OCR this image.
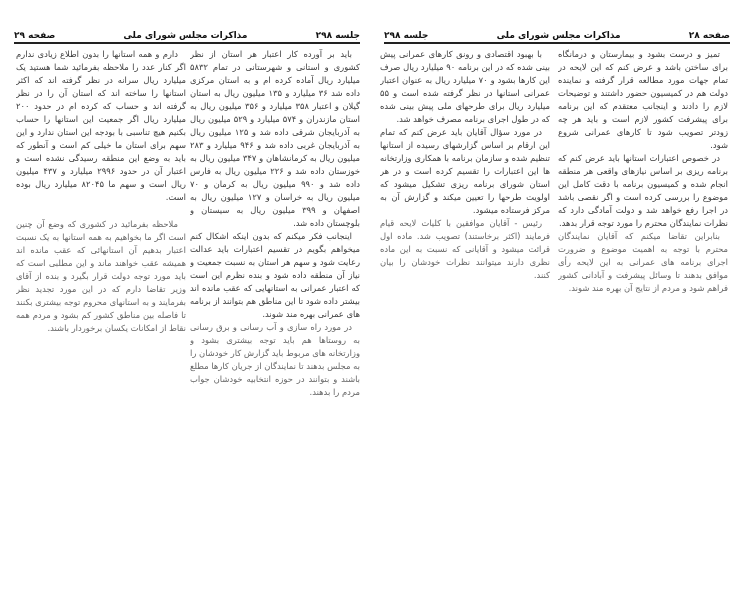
جلسه ۲۹۸
مذاکرات مجلس شورای ملی
صفحه ۲۹

باید بر آورده کار اعتبار هر استان از نظر کشوری و استانی و شهرستانی در تمام ۵۸۳۲ میلیارد ریال آماده کرده ام و به استان مرکزی داده شد ۳۶ میلیارد و ۱۳۵ میلیون ریال به استان گیلان و اعتبار ۳۵۸ میلیارد و ۳۵۶ میلیون ریال به استان مازندران و ۵۷۴ میلیارد و ۵۲۹ میلیون ریال به آذربایجان شرقی داده شد و ۱۲۵ میلیون ریال به آذربایجان غربی داده شد و ۹۴۶ میلیارد و ۲۸۳ میلیون ریال به کرمانشاهان و ۳۴۷ میلیون ریال به خوزستان داده شد و ۲۲۶ میلیون ریال به فارس داده شد و ۹۹۰ میلیون ریال به کرمان و ۷۰ میلیون ریال به خراسان و ۱۲۷ میلیون ریال به اصفهان و ۳۹۹ میلیون ریال به سیستان و بلوچستان داده شد.

اینجانب فکر میکنم که بدون اینکه اشکال کنم میخواهم بگویم در تقسیم اعتبارات باید عدالت رعایت شود و سهم هر استان به نسبت جمعیت و نیاز آن منطقه داده شود و بنده نظرم این است که اعتبار عمرانی به استانهایی که عقب مانده اند بیشتر داده شود تا این مناطق هم بتوانند از برنامه های عمرانی بهره مند شوند.

در مورد راه سازی و آب رسانی و برق رسانی به روستاها هم باید توجه بیشتری بشود و وزارتخانه های مربوط باید گزارش کار خودشان را به مجلس بدهند تا نمایندگان از جریان کارها مطلع باشند و بتوانند در حوزه انتخابیه خودشان جواب مردم را بدهند.

دارم و همه استانها را بدون اطلاع زیادی ندارم اگر کنار عدد را ملاحظه بفرمائید شما هستید یک میلیارد ریال سرانه در نظر گرفته اند که اکثر استانها را ساخته اند که استان آن را در نظر گرفته اند و حساب که کرده ام در حدود ۲۰۰ میلیارد ریال اگر جمعیت این استانها را حساب بکنیم هیچ تناسبی با بودجه این استان ندارد و این سهم برای استان ما خیلی کم است و آنطور که باید به وضع این منطقه رسیدگی نشده است و اعتبار آن در حدود ۲۹۹۶ میلیارد و ۴۳۷ میلیون ریال است و سهم ما ۸۲۰۴۵ میلیارد ریال بوده است.

ملاحظه بفرمائید در کشوری که وضع آن چنین است اگر ما بخواهیم به همه استانها به یک نسبت اعتبار بدهیم آن استانهائی که عقب مانده اند همیشه عقب خواهند ماند و این مطلبی است که باید مورد توجه دولت قرار بگیرد و بنده از آقای وزیر تقاضا دارم که در این مورد تجدید نظر بفرمایند و به استانهای محروم توجه بیشتری بکنند تا فاصله بین مناطق کشور کم بشود و مردم همه نقاط از امکانات یکسان برخوردار باشند.

صفحه ۲۸
مذاکرات مجلس شورای ملی
جلسه ۲۹۸

تمیز و درست بشود و بیمارستان و درمانگاه برای ساختن باشد و عرض کنم که این لایحه در تمام جهات مورد مطالعه قرار گرفته و نماینده دولت هم در کمیسیون حضور داشتند و توضیحات لازم را دادند و اینجانب معتقدم که این برنامه برای پیشرفت کشور لازم است و باید هر چه زودتر تصویب شود تا کارهای عمرانی شروع شود.

در خصوص اعتبارات استانها باید عرض کنم که برنامه ریزی بر اساس نیازهای واقعی هر منطقه انجام شده و کمیسیون برنامه با دقت کامل این موضوع را بررسی کرده است و اگر نقصی باشد در اجرا رفع خواهد شد و دولت آمادگی دارد که نظرات نمایندگان محترم را مورد توجه قرار بدهد.

بنابراین تقاضا میکنم که آقایان نمایندگان محترم با توجه به اهمیت موضوع و ضرورت اجرای برنامه های عمرانی به این لایحه رأی موافق بدهند تا وسائل پیشرفت و آبادانی کشور فراهم شود و مردم از نتایج آن بهره مند شوند.

با بهبود اقتصادی و رونق کارهای عمرانی پیش بینی شده که در این برنامه ۹۰ میلیارد ریال صرف این کارها بشود و ۷۰ میلیارد ریال به عنوان اعتبار عمرانی استانها در نظر گرفته شده است و ۵۵ میلیارد ریال برای طرحهای ملی پیش بینی شده که در طول اجرای برنامه مصرف خواهد شد.

در مورد سؤال آقایان باید عرض کنم که تمام این ارقام بر اساس گزارشهای رسیده از استانها تنظیم شده و سازمان برنامه با همکاری وزارتخانه ها این اعتبارات را تقسیم کرده است و در هر استان شورای برنامه ریزی تشکیل میشود که اولویت طرحها را تعیین میکند و گزارش آن به مرکز فرستاده میشود.

رئیس - آقایان موافقین با کلیات لایحه قیام فرمایند (اکثر برخاستند) تصویب شد. ماده اول قرائت میشود و آقایانی که نسبت به این ماده نظری دارند میتوانند نظرات خودشان را بیان کنند.
